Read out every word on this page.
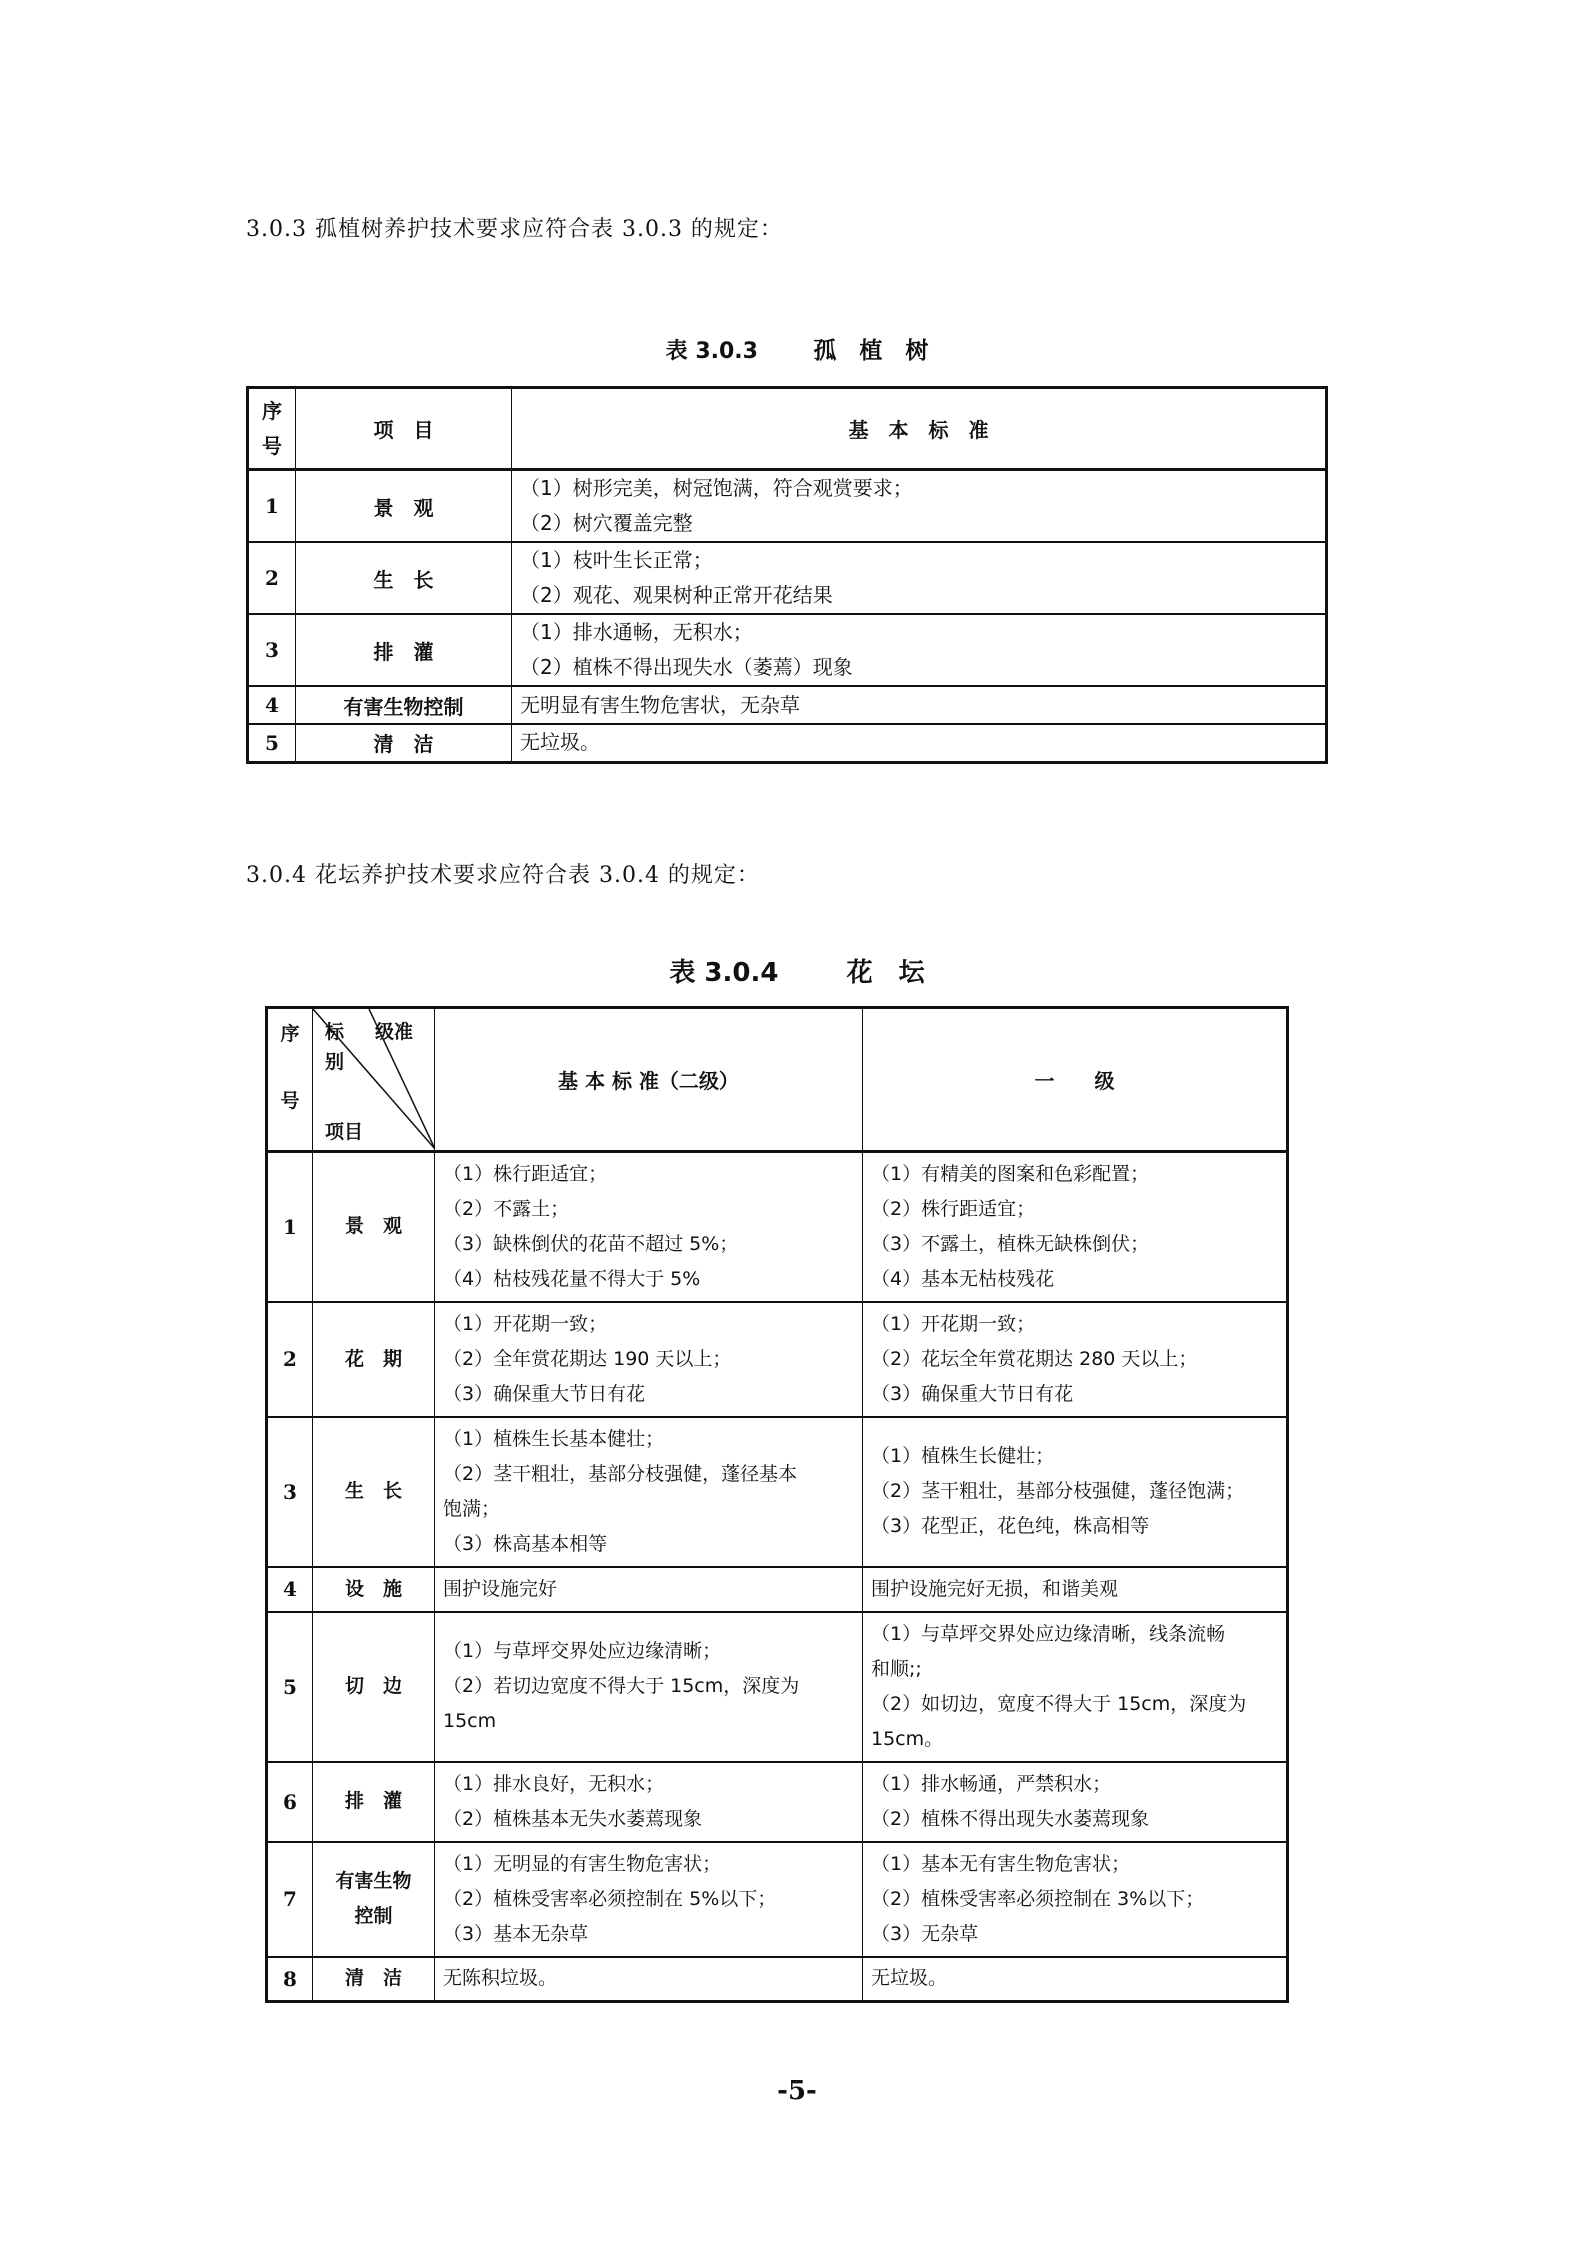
3.0.3 孤植树养护技术要求应符合表 3.0.3 的规定：
表 3.0.3 孤　植　树
序
号	项　目	基　本　标　准
1	景　观	（1）树形完美，树冠饱满，符合观赏要求；
（2）树穴覆盖完整

2	生　长	（1）枝叶生长正常；
（2）观花、观果树种正常开花结果

3	排　灌	（1）排水通畅，无积水；
（2）植株不得出现失水（萎蔫）现象

4	有害生物控制	无明显有害生物危害状，无杂草

5	清　洁	无垃圾。
3.0.4 花坛养护技术要求应符合表 3.0.4 的规定：
表 3.0.4	花　坛
序
号	标 级准
别
项目	基 本 标 准（二级）	一　　级
1	景　观	（1）株行距适宜；
（2）不露土；
（3）缺株倒伏的花苗不超过 5%；
（4）枯枝残花量不得大于 5%	（1）有精美的图案和色彩配置；
（2）株行距适宜；
（3）不露土，植株无缺株倒伏；
（4）基本无枯枝残花

2	花　期	（1）开花期一致；
（2）全年赏花期达 190 天以上；
（3）确保重大节日有花	（1）开花期一致；
（2）花坛全年赏花期达 280 天以上；
（3）确保重大节日有花

3	生　长	（1）植株生长基本健壮；
（2）茎干粗壮，基部分枝强健，蓬径基本
饱满；
（3）株高基本相等	（1）植株生长健壮；
（2）茎干粗壮，基部分枝强健，蓬径饱满；
（3）花型正，花色纯，株高相等

4	设　施	围护设施完好	围护设施完好无损，和谐美观

5	切　边	（1）与草坪交界处应边缘清晰；
（2）若切边宽度不得大于 15cm，深度为
15cm	（1）与草坪交界处应边缘清晰，线条流畅
和顺;;
（2）如切边，宽度不得大于 15cm，深度为
15cm。

6	排　灌	（1）排水良好，无积水；
（2）植株基本无失水萎蔫现象	（1）排水畅通，严禁积水；
（2）植株不得出现失水萎蔫现象

7	有害生物
控制	（1）无明显的有害生物危害状；
（2）植株受害率必须控制在 5%以下；
（3）基本无杂草	（1）基本无有害生物危害状；
（2）植株受害率必须控制在 3%以下；
（3）无杂草

8	清　洁	无陈积垃圾。	无垃圾。
-5-
